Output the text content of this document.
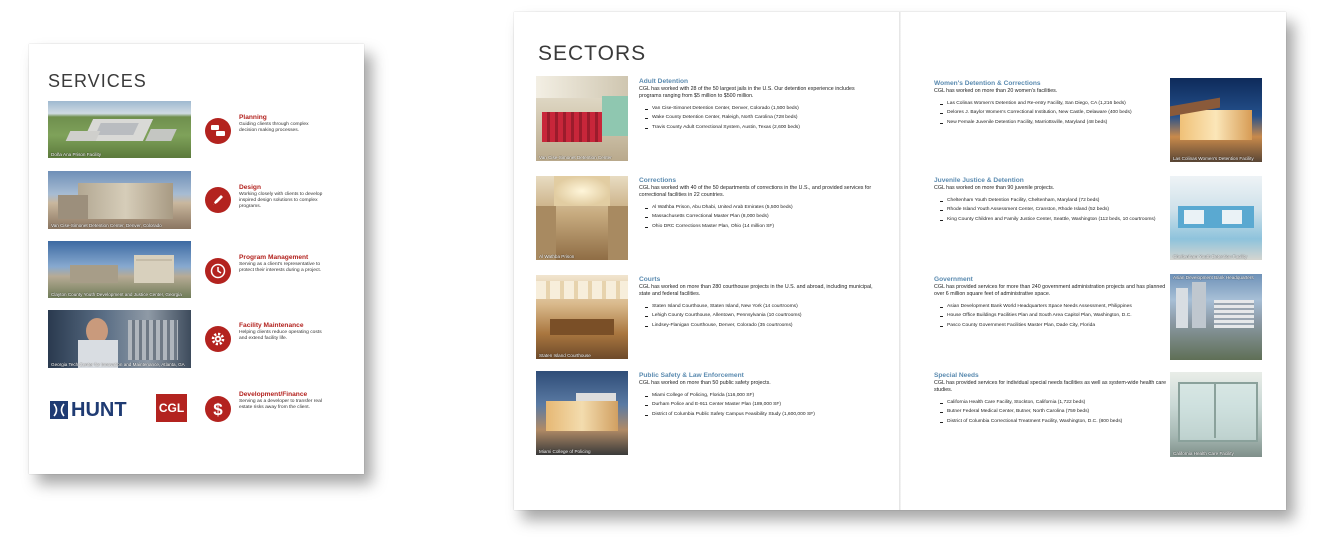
SERVICES
Doña Ana Prison Facility
Planning
Guiding clients through complex decision making processes.
Van Cise-Simonet Detention Center, Denver, Colorado
Design
Working closely with clients to develop inspired design solutions to complex programs.
Clayton County Youth Development and Justice Center, Georgia
Program Management
Serving as a client's representative to protect their interests during a project.
Georgia Tech Center for Innovation and Maintenance, Atlanta, GA
Facility Maintenance
Helping clients reduce operating costs and extend facility life.
HUNT	CGL $
Development/Finance
Serving as a developer to transfer real estate risks away from the client.
SECTORS
Van Cise-Simonet Detention Center
Adult Detention
CGL has worked with 28 of the 50 largest jails in the U.S. Our detention experience includes programs ranging from $5 million to $500 million.
Van Cise-Simonet Detention Center, Denver, Colorado (1,500 beds)
Wake County Detention Center, Raleigh, North Carolina (728 beds)
Travis County Adult Correctional System, Austin, Texas (2,600 beds)
Al Wathba Prison
Corrections
CGL has worked with 40 of the 50 departments of corrections in the U.S., and provided services for correctional facilities in 22 countries.
Al Wathba Prison, Abu Dhabi, United Arab Emirates (5,500 beds)
Massachusetts Correctional Master Plan (8,000 beds)
Ohio DRC Corrections Master Plan, Ohio (14 million SF)
Staten Island Courthouse
Courts
CGL has worked on more than 280 courthouse projects in the U.S. and abroad, including municipal, state and federal facilities.
Staten Island Courthouse, Staten Island, New York (14 courtrooms)
Lehigh County Courthouse, Allentown, Pennsylvania (10 courtrooms)
Lindsey-Flanigan Courthouse, Denver, Colorado (35 courtrooms)
Miami College of Policing
Public Safety & Law Enforcement
CGL has worked on more than 50 public safety projects.
Miami College of Policing, Florida (116,000 SF)
Durham Police and E-911 Center Master Plan (189,000 SF)
District of Columbia Public Safety Campus Feasibility Study (1,600,000 SF)
Women's Detention & Corrections
CGL has worked on more than 20 women's facilities.
Las Colinas Women's Detention and Re-entry Facility, San Diego, CA (1,216 beds)
Delores J. Baylor Women's Correctional Institution, New Castle, Delaware (400 beds)
New Female Juvenile Detention Facility, Marriottsville, Maryland (48 beds)
Las Colinas Women's Detention Facility
Juvenile Justice & Detention
CGL has worked on more than 90 juvenile projects.
Cheltenham Youth Detention Facility, Cheltenham, Maryland (72 beds)
Rhode Island Youth Assessment Center, Cranston, Rhode Island (52 beds)
King County Children and Family Justice Center, Seattle, Washington (112 beds, 10 courtrooms)
Cheltenham Youth Detention Facility
Government
CGL has provided services for more than 240 government administration projects and has planned over 6 million square feet of administrative space.
Asian Development Bank World Headquarters Space Needs Assessment, Philippines
House Office Buildings Facilities Plan and South Area Capitol Plan, Washington, D.C.
Pasco County Government Facilities Master Plan, Dade City, Florida
Asian Development Bank Headquarters
Special Needs
CGL has provided services for individual special needs facilities as well as system-wide health care studies.
California Health Care Facility, Stockton, California (1,722 beds)
Butner Federal Medical Center, Butner, North Carolina (759 beds)
District of Columbia Correctional Treatment Facility, Washington, D.C. (800 beds)
California Health Care Facility
